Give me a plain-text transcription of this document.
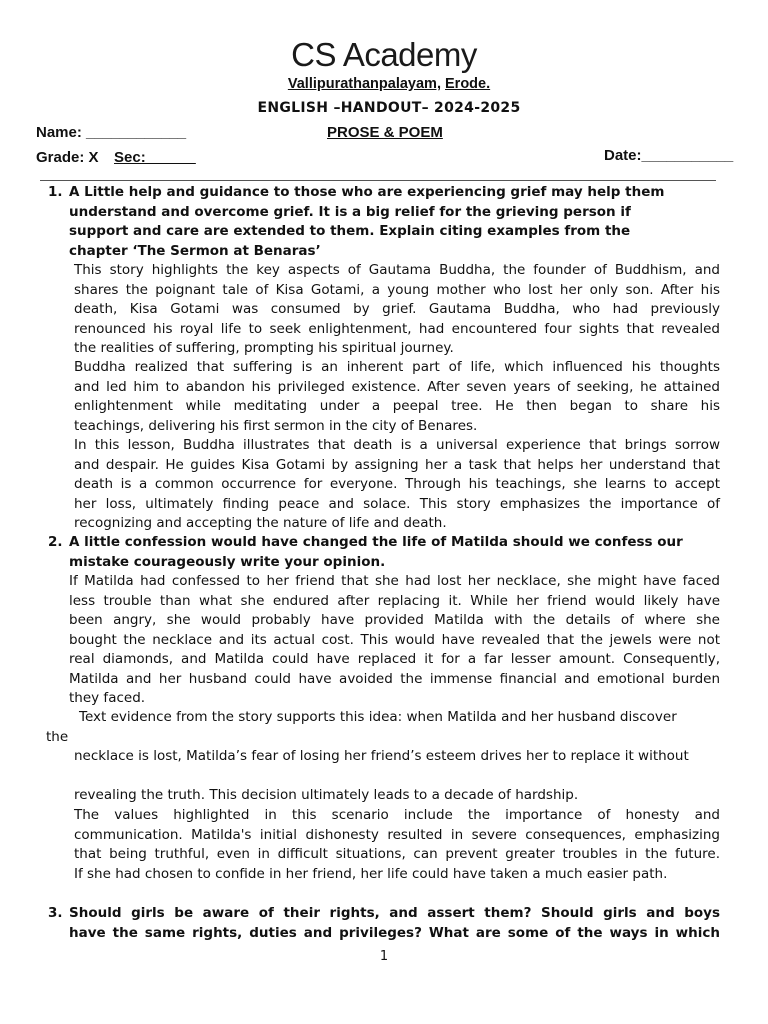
CS Academy
Vallipurathanpalayam, Erode.
ENGLISH –HANDOUT– 2024-2025
PROSE & POEM
Name: ____________
Grade: X Sec:______	Date:___________
1. A Little help and guidance to those who are experiencing grief may help them
understand and overcome grief. It is a big relief for the grieving person if
support and care are extended to them. Explain citing examples from the
chapter ‘The Sermon at Benaras’
This story highlights the key aspects of Gautama Buddha, the founder of Buddhism, and
shares the poignant tale of Kisa Gotami, a young mother who lost her only son. After his
death, Kisa Gotami was consumed by grief. Gautama Buddha, who had previously
renounced his royal life to seek enlightenment, had encountered four sights that revealed
the realities of suffering, prompting his spiritual journey.
Buddha realized that suffering is an inherent part of life, which influenced his thoughts
and led him to abandon his privileged existence. After seven years of seeking, he attained
enlightenment while meditating under a peepal tree. He then began to share his
teachings, delivering his first sermon in the city of Benares.
In this lesson, Buddha illustrates that death is a universal experience that brings sorrow
and despair. He guides Kisa Gotami by assigning her a task that helps her understand that
death is a common occurrence for everyone. Through his teachings, she learns to accept
her loss, ultimately finding peace and solace. This story emphasizes the importance of
recognizing and accepting the nature of life and death.
2. A little confession would have changed the life of Matilda should we confess our
mistake courageously write your opinion.
If Matilda had confessed to her friend that she had lost her necklace, she might have faced
less trouble than what she endured after replacing it. While her friend would likely have
been angry, she would probably have provided Matilda with the details of where she
bought the necklace and its actual cost. This would have revealed that the jewels were not
real diamonds, and Matilda could have replaced it for a far lesser amount. Consequently,
Matilda and her husband could have avoided the immense financial and emotional burden
they faced.
Text evidence from the story supports this idea: when Matilda and her husband discover
the
necklace is lost, Matilda’s fear of losing her friend’s esteem drives her to replace it without
revealing the truth. This decision ultimately leads to a decade of hardship.
The values highlighted in this scenario include the importance of honesty and
communication. Matilda's initial dishonesty resulted in severe consequences, emphasizing
that being truthful, even in difficult situations, can prevent greater troubles in the future.
If she had chosen to confide in her friend, her life could have taken a much easier path.
3. Should girls be aware of their rights, and assert them? Should girls and boys
have the same rights, duties and privileges? What are some of the ways in which
1
